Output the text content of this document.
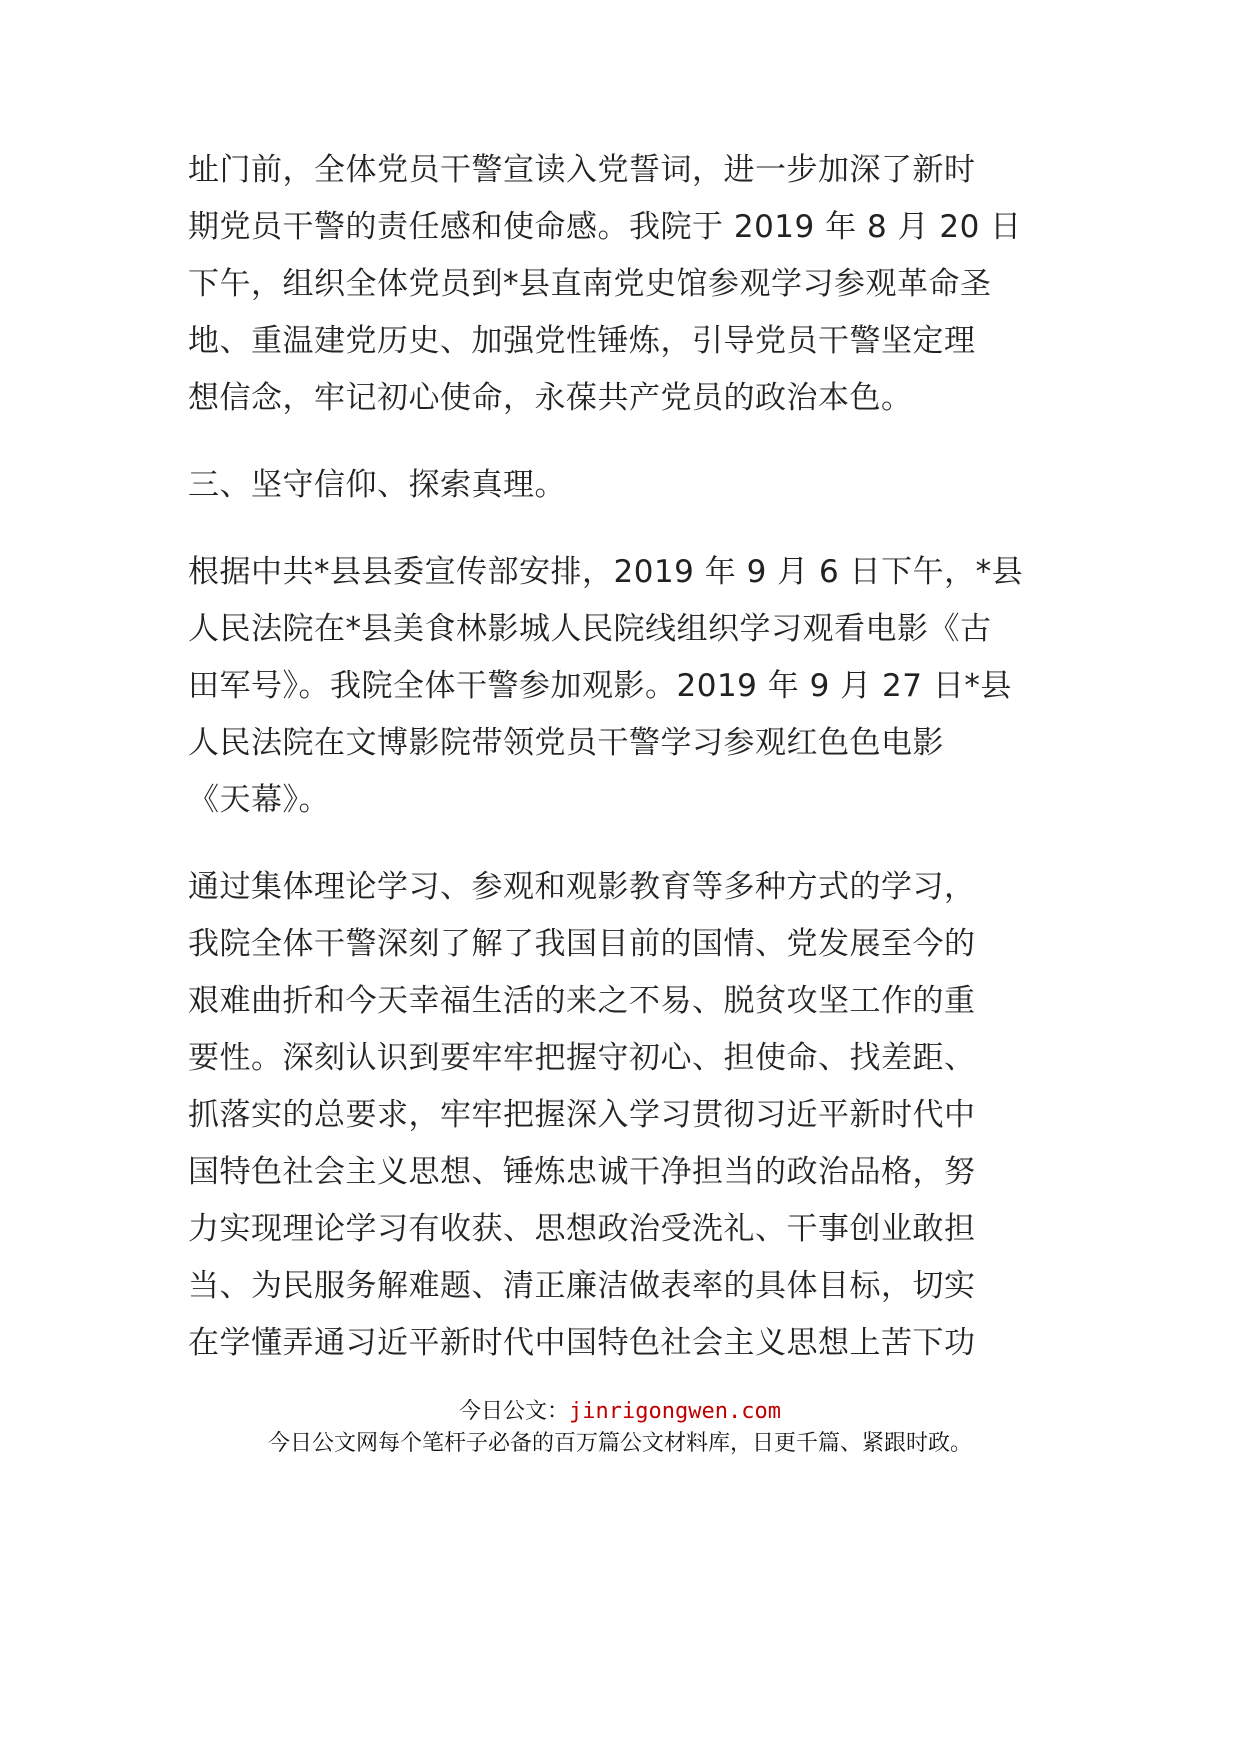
址门前，全体党员干警宣读入党誓词，进一步加深了新时
期党员干警的责任感和使命感。我院于 2019 年 8 月 20 日
下午，组织全体党员到*县直南党史馆参观学习参观革命圣
地、重温建党历史、加强党性锤炼，引导党员干警坚定理
想信念，牢记初心使命，永葆共产党员的政治本色。
三、坚守信仰、探索真理。
根据中共*县县委宣传部安排，2019 年 9 月 6 日下午，*县
人民法院在*县美食林影城人民院线组织学习观看电影《古
田军号》。我院全体干警参加观影。2019 年 9 月 27 日*县
人民法院在文博影院带领党员干警学习参观红色色电影
《天幕》。
通过集体理论学习、参观和观影教育等多种方式的学习，
我院全体干警深刻了解了我国目前的国情、党发展至今的
艰难曲折和今天幸福生活的来之不易、脱贫攻坚工作的重
要性。深刻认识到要牢牢把握守初心、担使命、找差距、
抓落实的总要求，牢牢把握深入学习贯彻习近平新时代中
国特色社会主义思想、锤炼忠诚干净担当的政治品格，努
力实现理论学习有收获、思想政治受洗礼、干事创业敢担
当、为民服务解难题、清正廉洁做表率的具体目标，切实
在学懂弄通习近平新时代中国特色社会主义思想上苦下功
今日公文：jinrigongwen.com
今日公文网每个笔杆子必备的百万篇公文材料库，日更千篇、紧跟时政。
